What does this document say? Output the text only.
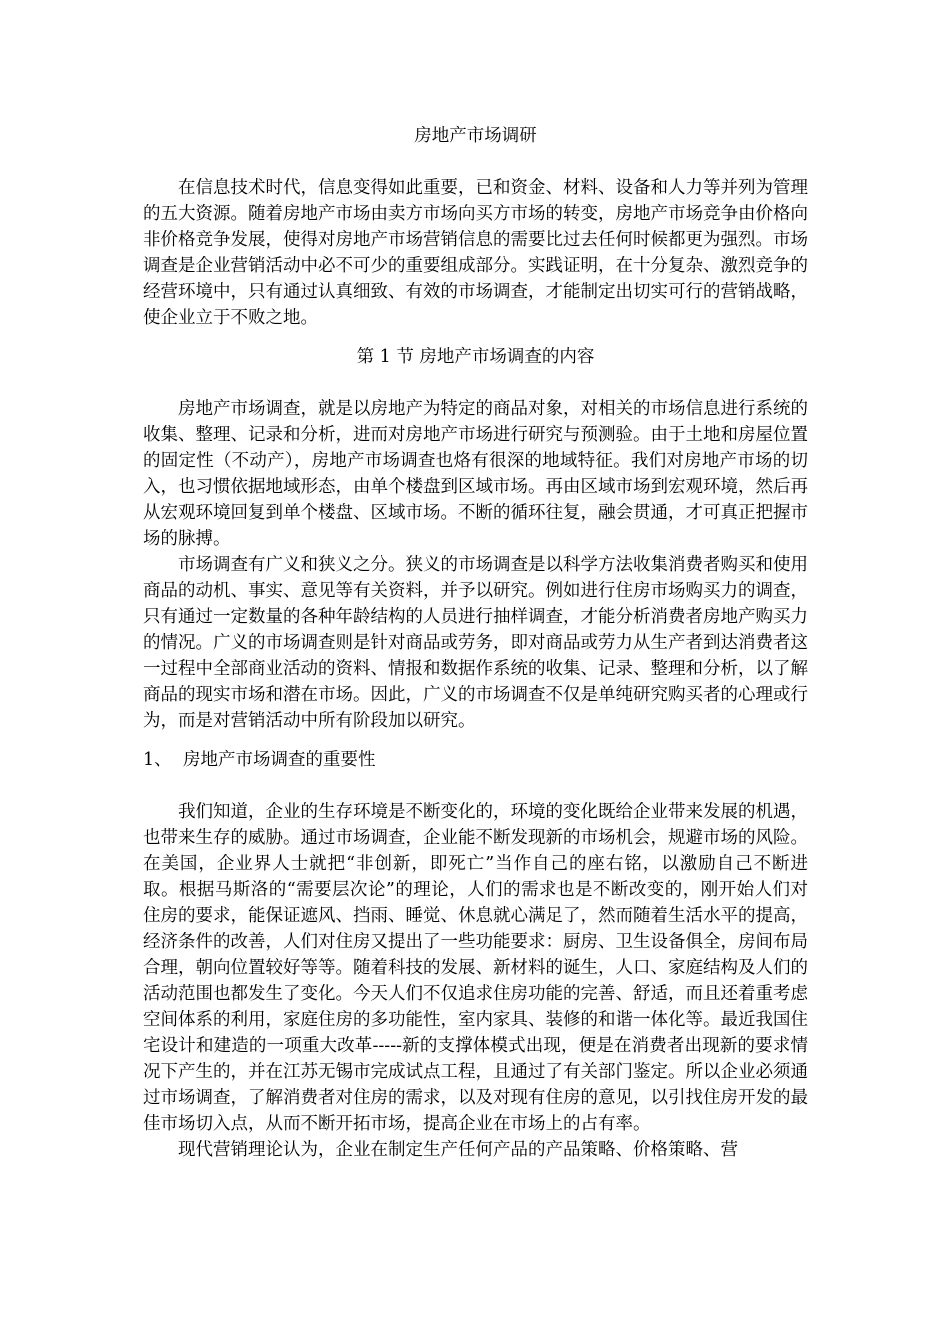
房地产市场调研

在信息技术时代，信息变得如此重要，已和资金、材料、设备和人力等并列为管理的五大资源。随着房地产市场由卖方市场向买方市场的转变，房地产市场竞争由价格向非价格竞争发展，使得对房地产市场营销信息的需要比过去任何时候都更为强烈。市场调查是企业营销活动中必不可少的重要组成部分。实践证明，在十分复杂、激烈竞争的经营环境中，只有通过认真细致、有效的市场调查，才能制定出切实可行的营销战略，使企业立于不败之地。

第 1 节 房地产市场调查的内容

房地产市场调查，就是以房地产为特定的商品对象，对相关的市场信息进行系统的收集、整理、记录和分析，进而对房地产市场进行研究与预测验。由于土地和房屋位置的固定性（不动产），房地产市场调查也烙有很深的地域特征。我们对房地产市场的切入，也习惯依据地域形态，由单个楼盘到区域市场。再由区域市场到宏观环境，然后再从宏观环境回复到单个楼盘、区域市场。不断的循环往复，融会贯通，才可真正把握市场的脉搏。

市场调查有广义和狭义之分。狭义的市场调查是以科学方法收集消费者购买和使用商品的动机、事实、意见等有关资料，并予以研究。例如进行住房市场购买力的调查，只有通过一定数量的各种年龄结构的人员进行抽样调查，才能分析消费者房地产购买力的情况。广义的市场调查则是针对商品或劳务，即对商品或劳力从生产者到达消费者这一过程中全部商业活动的资料、情报和数据作系统的收集、记录、整理和分析，以了解商品的现实市场和潜在市场。因此，广义的市场调查不仅是单纯研究购买者的心理或行为，而是对营销活动中所有阶段加以研究。

1、 房地产市场调查的重要性

我们知道，企业的生存环境是不断变化的，环境的变化既给企业带来发展的机遇，也带来生存的威胁。通过市场调查，企业能不断发现新的市场机会，规避市场的风险。在美国，企业界人士就把“非创新，即死亡”当作自己的座右铭，以激励自己不断进取。根据马斯洛的“需要层次论”的理论，人们的需求也是不断改变的，刚开始人们对住房的要求，能保证遮风、挡雨、睡觉、休息就心满足了，然而随着生活水平的提高，经济条件的改善，人们对住房又提出了一些功能要求：厨房、卫生设备俱全，房间布局合理，朝向位置较好等等。随着科技的发展、新材料的诞生，人口、家庭结构及人们的活动范围也都发生了变化。今天人们不仅追求住房功能的完善、舒适，而且还着重考虑空间体系的利用，家庭住房的多功能性，室内家具、装修的和谐一体化等。最近我国住宅设计和建造的一项重大改革-----新的支撑体模式出现，便是在消费者出现新的要求情况下产生的，并在江苏无锡市完成试点工程，且通过了有关部门鉴定。所以企业必须通过市场调查，了解消费者对住房的需求，以及对现有住房的意见，以引找住房开发的最佳市场切入点，从而不断开拓市场，提高企业在市场上的占有率。

现代营销理论认为，企业在制定生产任何产品的产品策略、价格策略、营
